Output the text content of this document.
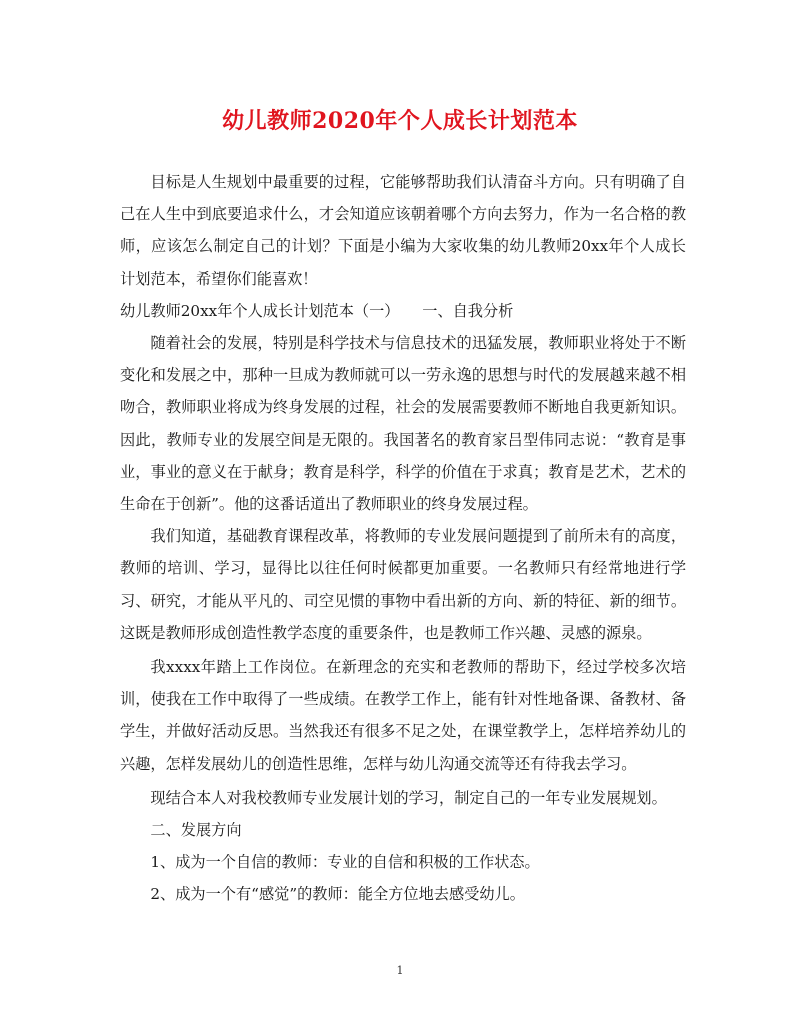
幼儿教师2020年个人成长计划范本

目标是人生规划中最重要的过程，它能够帮助我们认清奋斗方向。只有明确了自己在人生中到底要追求什么，才会知道应该朝着哪个方向去努力，作为一名合格的教师，应该怎么制定自己的计划？下面是小编为大家收集的幼儿教师20xx年个人成长计划范本，希望你们能喜欢！

幼儿教师20xx年个人成长计划范本（一）　　一、自我分析

随着社会的发展，特别是科学技术与信息技术的迅猛发展，教师职业将处于不断变化和发展之中，那种一旦成为教师就可以一劳永逸的思想与时代的发展越来越不相吻合，教师职业将成为终身发展的过程，社会的发展需要教师不断地自我更新知识。因此，教师专业的发展空间是无限的。我国著名的教育家吕型伟同志说：“教育是事业，事业的意义在于献身；教育是科学，科学的价值在于求真；教育是艺术，艺术的生命在于创新”。他的这番话道出了教师职业的终身发展过程。

我们知道，基础教育课程改革，将教师的专业发展问题提到了前所未有的高度，教师的培训、学习，显得比以往任何时候都更加重要。一名教师只有经常地进行学习、研究，才能从平凡的、司空见惯的事物中看出新的方向、新的特征、新的细节。这既是教师形成创造性教学态度的重要条件，也是教师工作兴趣、灵感的源泉。

我xxxx年踏上工作岗位。在新理念的充实和老教师的帮助下，经过学校多次培训，使我在工作中取得了一些成绩。在教学工作上，能有针对性地备课、备教材、备学生，并做好活动反思。当然我还有很多不足之处，在课堂教学上，怎样培养幼儿的兴趣，怎样发展幼儿的创造性思维，怎样与幼儿沟通交流等还有待我去学习。

现结合本人对我校教师专业发展计划的学习，制定自己的一年专业发展规划。

二、发展方向

1、成为一个自信的教师：专业的自信和积极的工作状态。

2、成为一个有“感觉”的教师：能全方位地去感受幼儿。

1
